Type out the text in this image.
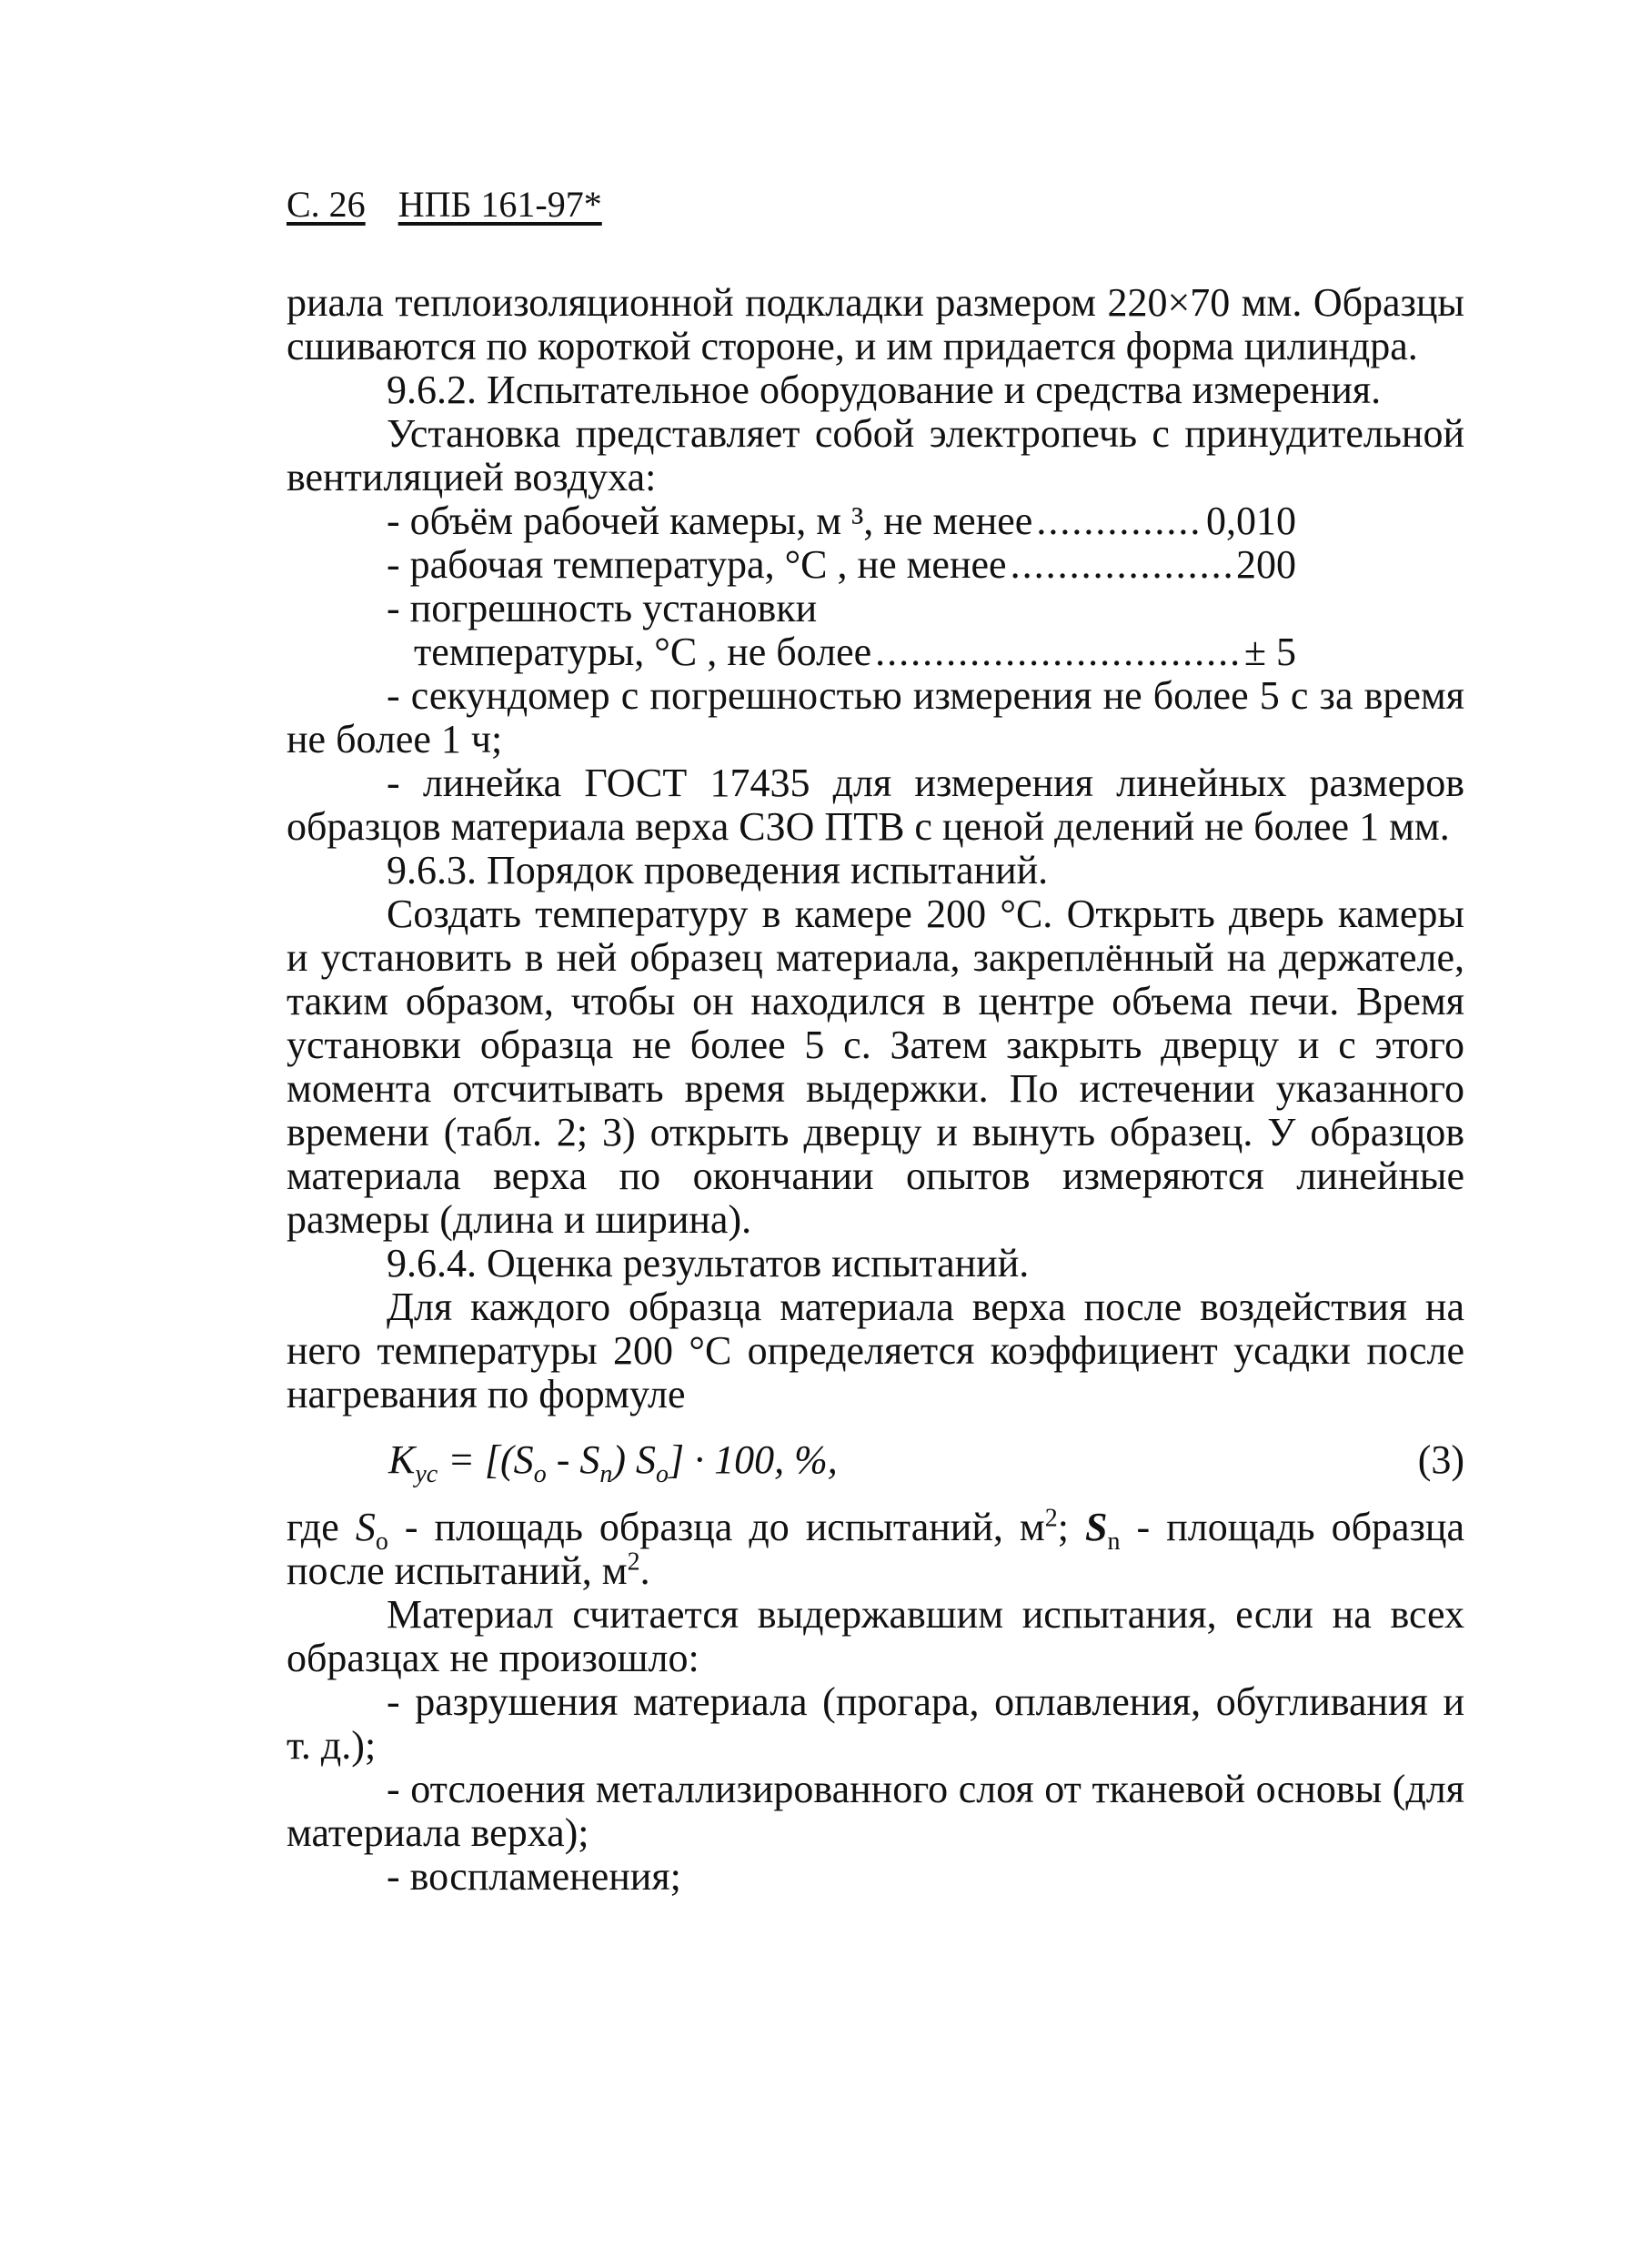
С. 26 НПБ 161-97*
риала теплоизоляционной подкладки размером 220×70 мм. Образцы сшиваются по короткой стороне, и им придается форма цилиндра.
9.6.2. Испытательное оборудование и средства измерения.
Установка представляет собой электропечь с принудительной вентиляцией воздуха:
- объём рабочей камеры, м ³, не менее .....	0,010
- рабочая температура, °С , не менее .....	200
- погрешность установки
температуры, °С , не более .....	± 5
- секундомер с погрешностью измерения не более 5 с за время не более 1 ч;
- линейка ГОСТ 17435 для измерения линейных размеров образцов материала верха СЗО ПТВ с ценой делений не более 1 мм.
9.6.3. Порядок проведения испытаний.
Создать температуру в камере 200 °С. Открыть дверь камеры и установить в ней образец материала, закреплённый на держателе, таким образом, чтобы он находился в центре объема печи. Время установки образца не более 5 с. Затем закрыть дверцу и с этого момента отсчитывать время выдержки. По истечении указанного времени (табл. 2; 3) открыть дверцу и вынуть образец. У образцов материала верха по окончании опытов измеряются линейные размеры (длина и ширина).
9.6.4. Оценка результатов испытаний.
Для каждого образца материала верха после воздействия на него температуры 200 °С определяется коэффициент усадки после нагревания по формуле
$K_{ус} = [(S_о - S_n) S_о] \cdot 100$, %,	(3)
где $S_о$ - площадь образца до испытаний, $м^2$; $S_n$ - площадь образца после испытаний, $м^2$.
Материал считается выдержавшим испытания, если на всех образцах не произошло:
- разрушения материала (прогара, оплавления, обугливания и т. д.);
- отслоения металлизированного слоя от тканевой основы (для материала верха);
- воспламенения;
